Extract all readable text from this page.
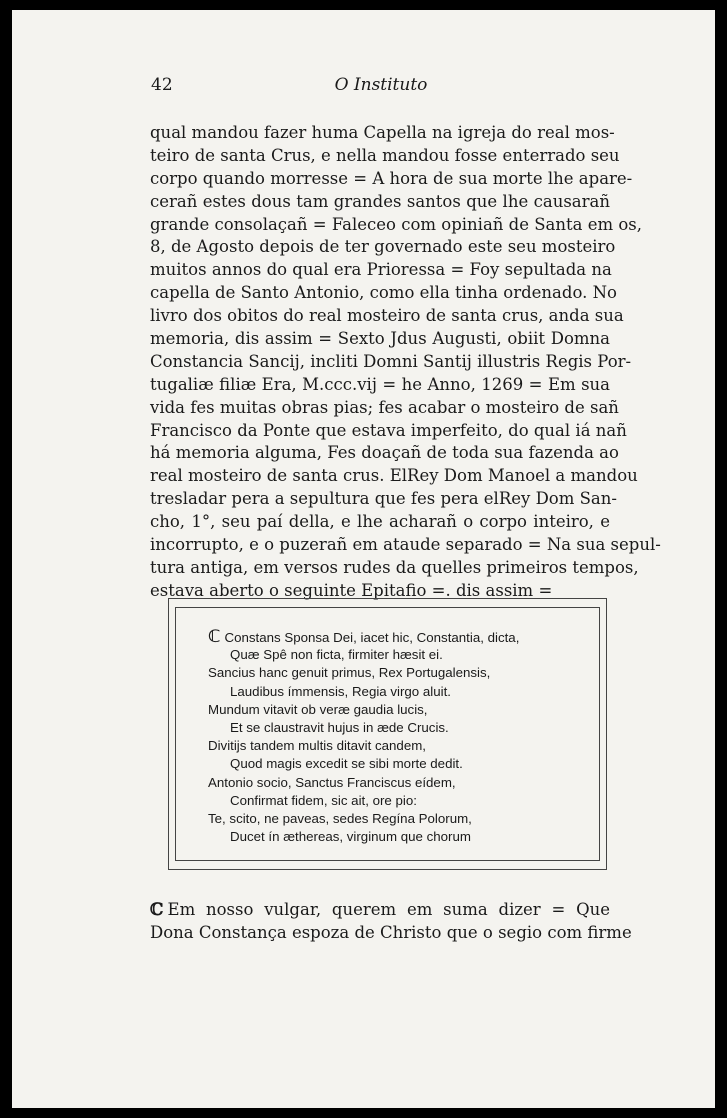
42	O Instituto
qual mandou fazer huma Capella na igreja do real mos-
teiro de santa Crus, e nella mandou fosse enterrado seu
corpo quando morresse = A hora de sua morte lhe apare-
cerañ estes dous tam grandes santos que lhe causarañ
grande consolaçañ = Faleceo com opiniañ de Santa em os,
8, de Agosto depois de ter governado este seu mosteiro
muitos annos do qual era Prioressa = Foy sepultada na
capella de Santo Antonio, como ella tinha ordenado. No
livro dos obitos do real mosteiro de santa crus, anda sua
memoria, dis assim = Sexto Jdus Augusti, obiit Domna
Constancia Sancij, incliti Domni Santij illustris Regis Por-
tugaliæ filiæ Era, M.ccc.vij = he Anno, 1269 = Em sua
vida fes muitas obras pias; fes acabar o mosteiro de sañ
Francisco da Ponte que estava imperfeito, do qual iá nañ
há memoria alguma, Fes doaçañ de toda sua fazenda ao
real mosteiro de santa crus. ElRey Dom Manoel a mandou
tresladar pera a sepultura que fes pera elRey Dom San-
cho, 1°, seu paí della, e lhe acharañ o corpo inteiro, e
incorrupto, e o puzerañ em ataude separado = Na sua sepul-
tura antiga, em versos rudes da quelles primeiros tempos,
estava aberto o seguinte Epitafio =. dis assim =
ℂ Constans Sponsa Dei, iacet hic, Constantia, dicta,
Quæ Spê non ficta, firmiter hæsit ei.
Sancius hanc genuit primus, Rex Portugalensis,
Laudibus ímmensis, Regia virgo aluit.
Mundum vitavit ob veræ gaudia lucis,
Et se claustravit hujus in æde Crucis.
Divitijs tandem multis ditavit candem,
Quod magis excedit se sibi morte dedit.
Antonio socio, Sanctus Franciscus eídem,
Confirmat fidem, sic ait, ore pio:
Te, scito, ne paveas, sedes Regína Polorum,
Ducet ín æthereas, virginum que chorum
ℂ Em nosso vulgar, querem em suma dizer = Que
Dona Constança espoza de Christo que o segio com firme
